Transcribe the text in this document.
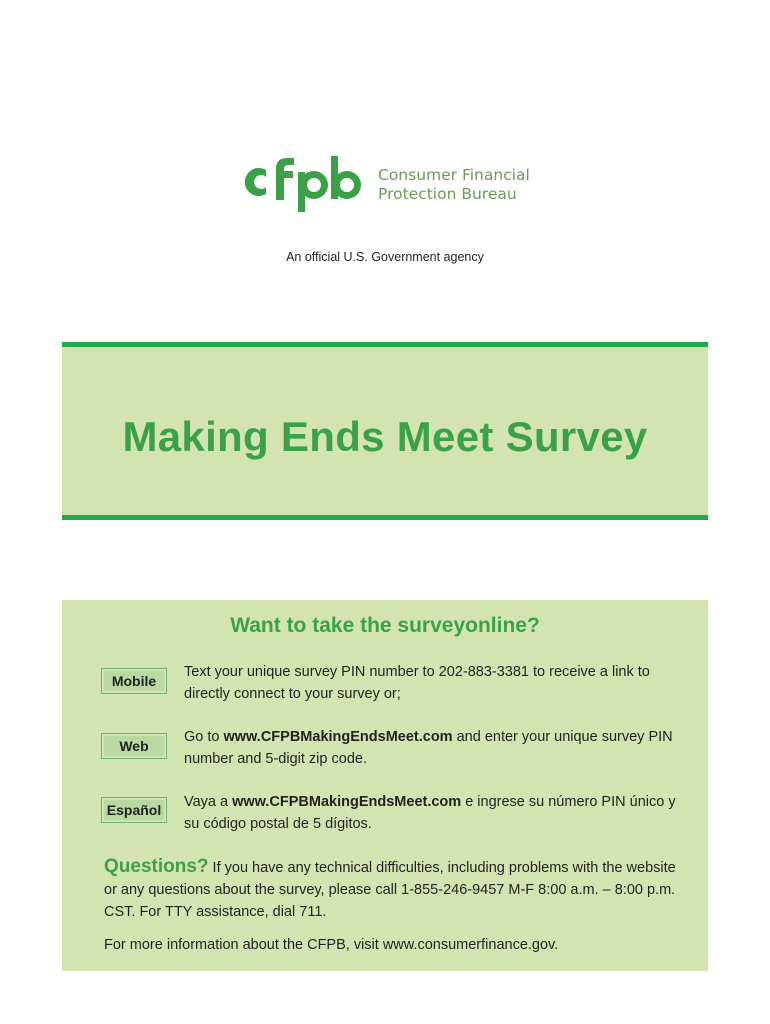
Consumer Financial
Protection Bureau
An official U.S. Government agency
Making Ends Meet Survey
Want to take the surveyonline?
Mobile
Text your unique survey PIN number to 202-883-3381 to receive a link to directly connect to your survey or;
Web
Go to www.CFPBMakingEndsMeet.com and enter your unique survey PIN number and 5-digit zip code.
Español	Vaya a www.CFPBMakingEndsMeet.com e ingrese su número PIN único y su código postal de 5 dígitos.
Questions? If you have any technical difficulties, including problems with the website or any questions about the survey, please call 1-855-246-9457 M-F 8:00 a.m. – 8:00 p.m. CST. For TTY assistance, dial 711.
For more information about the CFPB, visit www.consumerfinance.gov.
